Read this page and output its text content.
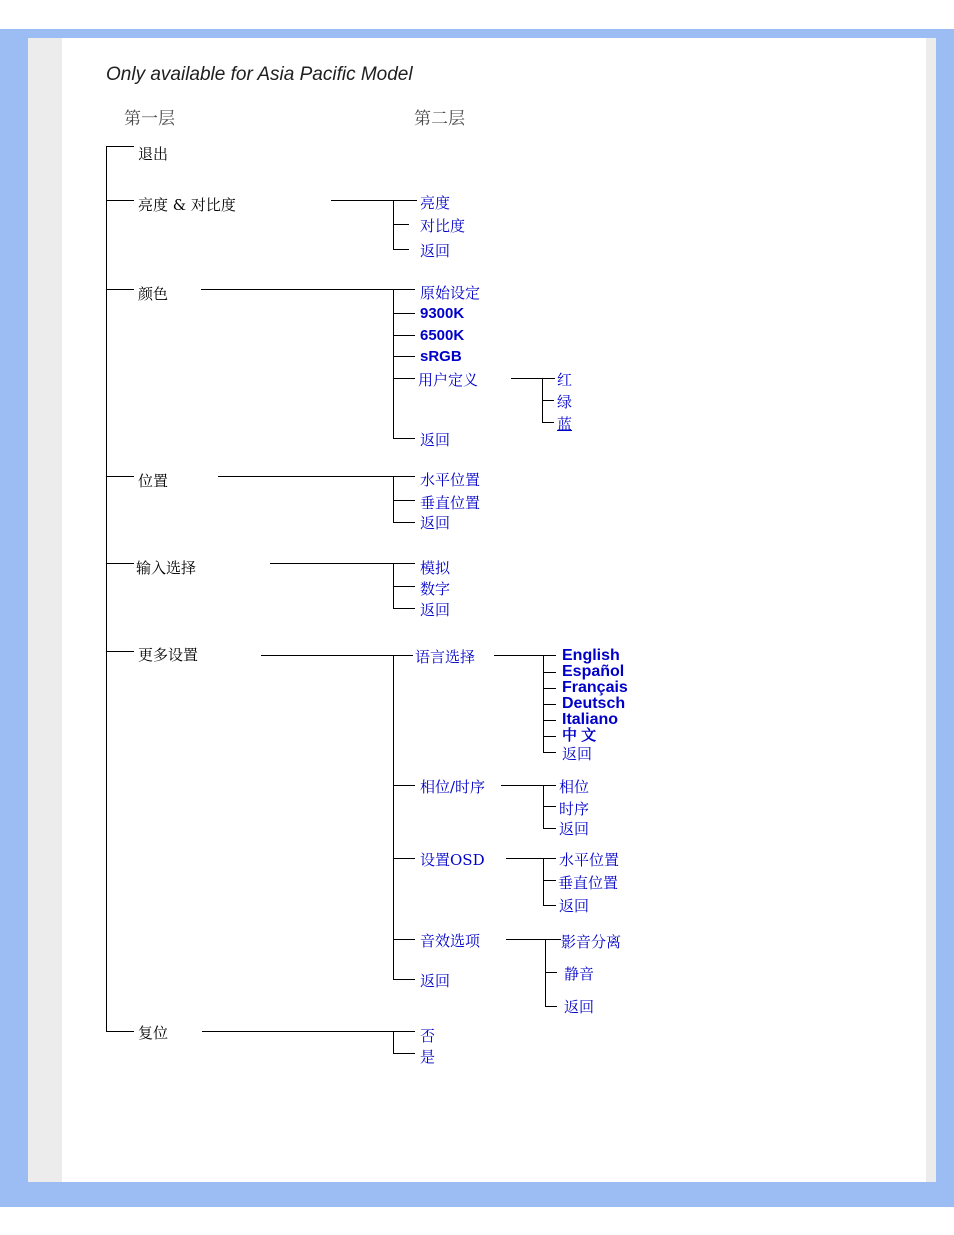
Only available for Asia Pacific Model
第一层	第二层
退出
亮度 & 对比度
颜色
位置
输入选择
更多设置
复位
亮度
对比度
返回
原始设定
9300K
6500K
sRGB
用户定义
返回
红
绿
蓝
水平位置
垂直位置
返回
模拟
数字
返回
语言选择
相位/时序
设置OSD
音效选项
返回
English
Español
Français
Deutsch
Italiano
中 文
返回
相位
时序
返回
水平位置
垂直位置
返回
影音分离
静音
返回
否
是
